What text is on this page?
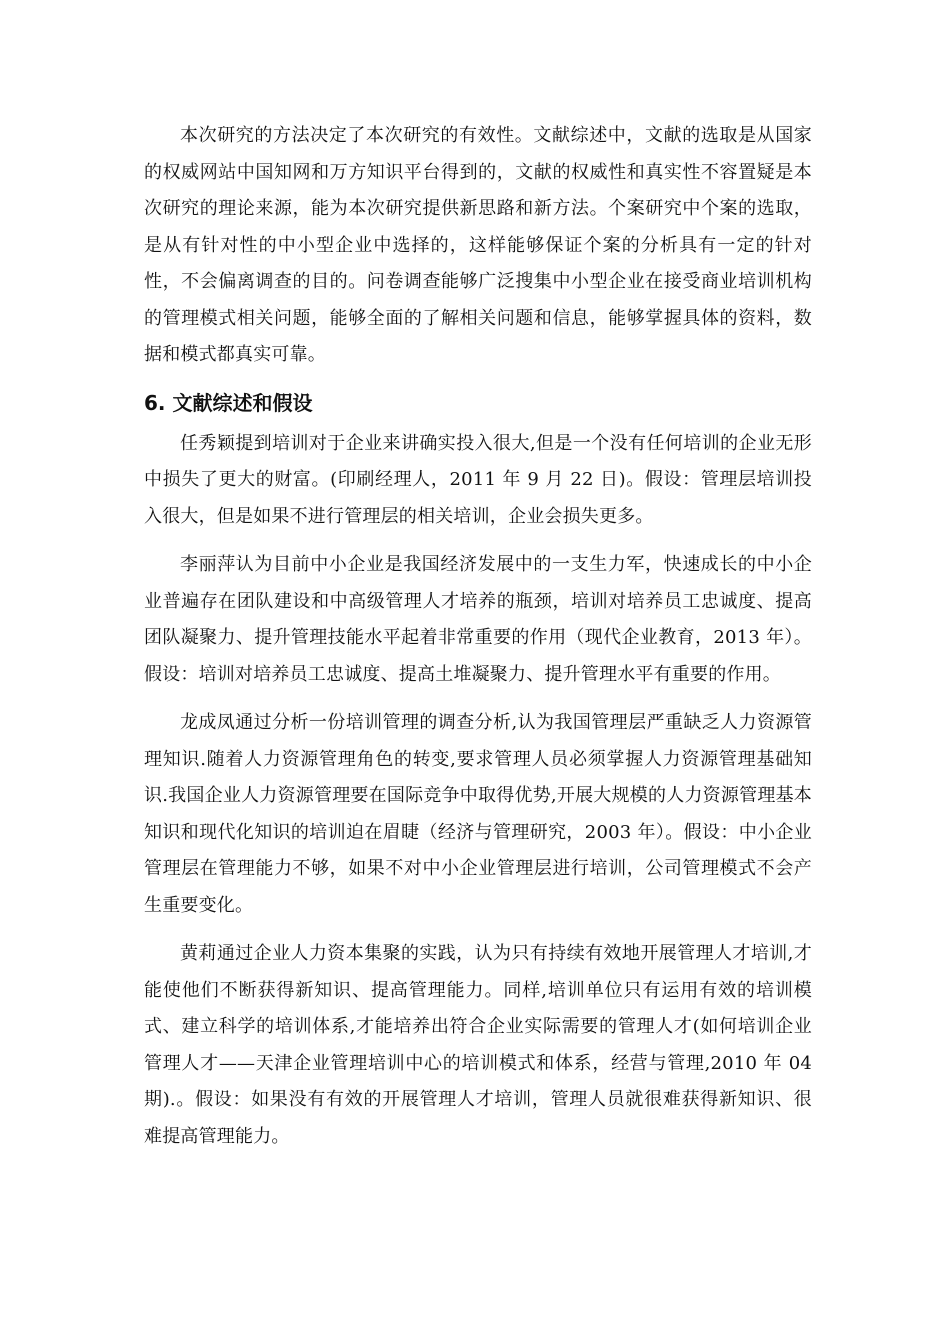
本次研究的方法决定了本次研究的有效性。文献综述中，文献的选取是从国家的权威网站中国知网和万方知识平台得到的，文献的权威性和真实性不容置疑是本次研究的理论来源，能为本次研究提供新思路和新方法。个案研究中个案的选取，是从有针对性的中小型企业中选择的，这样能够保证个案的分析具有一定的针对性，不会偏离调查的目的。问卷调查能够广泛搜集中小型企业在接受商业培训机构的管理模式相关问题，能够全面的了解相关问题和信息，能够掌握具体的资料，数据和模式都真实可靠。

6. 文献综述和假设

任秀颖提到培训对于企业来讲确实投入很大,但是一个没有任何培训的企业无形中损失了更大的财富。(印刷经理人，2011 年 9 月 22 日)。假设：管理层培训投入很大，但是如果不进行管理层的相关培训，企业会损失更多。

李丽萍认为目前中小企业是我国经济发展中的一支生力军，快速成长的中小企业普遍存在团队建设和中高级管理人才培养的瓶颈，培训对培养员工忠诚度、提高团队凝聚力、提升管理技能水平起着非常重要的作用（现代企业教育，2013 年）。假设：培训对培养员工忠诚度、提高土堆凝聚力、提升管理水平有重要的作用。

龙成凤通过分析一份培训管理的调查分析,认为我国管理层严重缺乏人力资源管理知识.随着人力资源管理角色的转变,要求管理人员必须掌握人力资源管理基础知识.我国企业人力资源管理要在国际竞争中取得优势,开展大规模的人力资源管理基本知识和现代化知识的培训迫在眉睫（经济与管理研究，2003 年）。假设：中小企业管理层在管理能力不够，如果不对中小企业管理层进行培训，公司管理模式不会产生重要变化。

黄莉通过企业人力资本集聚的实践，认为只有持续有效地开展管理人才培训,才能使他们不断获得新知识、提高管理能力。同样,培训单位只有运用有效的培训模式、建立科学的培训体系,才能培养出符合企业实际需要的管理人才(如何培训企业管理人才——天津企业管理培训中心的培训模式和体系，经营与管理,2010 年 04 期).。假设：如果没有有效的开展管理人才培训，管理人员就很难获得新知识、很难提高管理能力。
